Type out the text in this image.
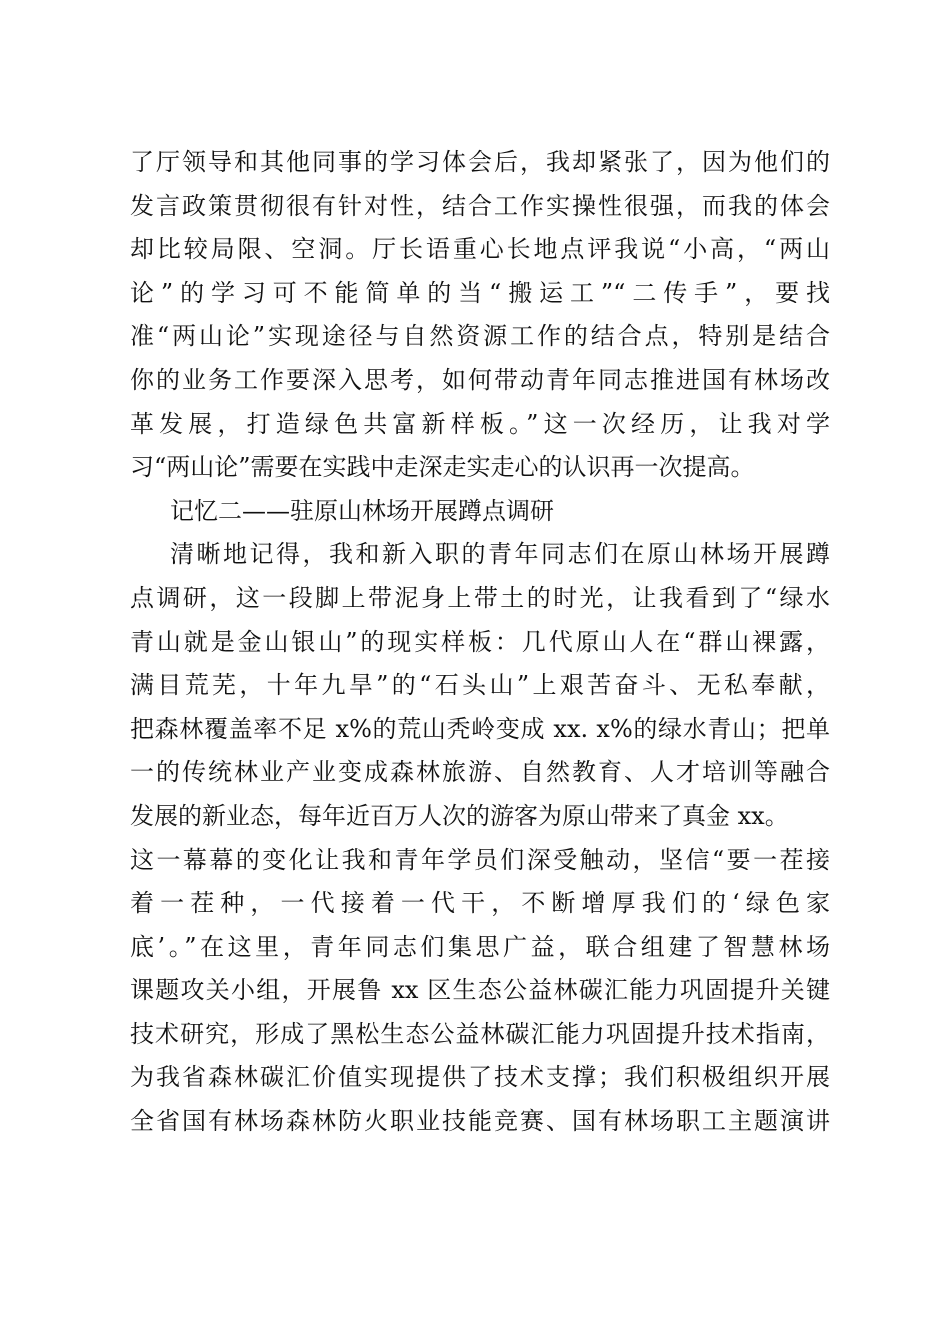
了厅领导和其他同事的学习体会后，我却紧张了，因为他们的
发言政策贯彻很有针对性，结合工作实操性很强，而我的体会
却比较局限、空洞。厅长语重心长地点评我说“小高，“两山
论”的学习可不能简单的当“搬运工”“二传手”，要找
准“两山论”实现途径与自然资源工作的结合点，特别是结合
你的业务工作要深入思考，如何带动青年同志推进国有林场改
革发展，打造绿色共富新样板。”这一次经历，让我对学
习“两山论”需要在实践中走深走实走心的认识再一次提高。
记忆二——驻原山林场开展蹲点调研
清晰地记得，我和新入职的青年同志们在原山林场开展蹲
点调研，这一段脚上带泥身上带土的时光，让我看到了“绿水
青山就是金山银山”的现实样板：几代原山人在“群山裸露，
满目荒芜，十年九旱”的“石头山”上艰苦奋斗、无私奉献，
把森林覆盖率不足 x%的荒山秃岭变成 xx. x%的绿水青山；把单
一的传统林业产业变成森林旅游、自然教育、人才培训等融合
发展的新业态，每年近百万人次的游客为原山带来了真金 xx。
这一幕幕的变化让我和青年学员们深受触动，坚信“要一茬接
着一茬种，一代接着一代干，不断增厚我们的‘绿色家
底’。”在这里，青年同志们集思广益，联合组建了智慧林场
课题攻关小组，开展鲁 xx 区生态公益林碳汇能力巩固提升关键
技术研究，形成了黑松生态公益林碳汇能力巩固提升技术指南，
为我省森林碳汇价值实现提供了技术支撑；我们积极组织开展
全省国有林场森林防火职业技能竞赛、国有林场职工主题演讲
